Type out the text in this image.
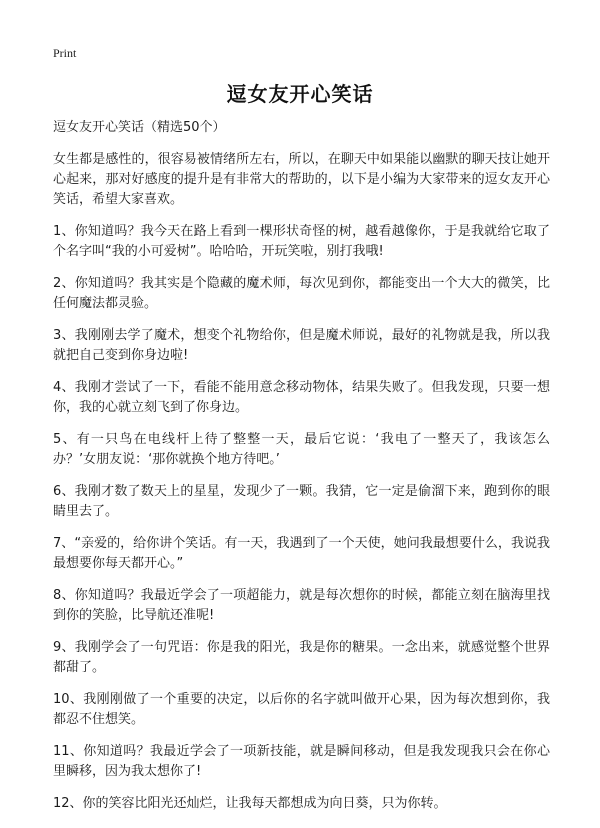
Print
逗女友开心笑话
逗女友开心笑话（精选50个）
女生都是感性的，很容易被情绪所左右，所以，在聊天中如果能以幽默的聊天技让她开心起来，那对好感度的提升是有非常大的帮助的，以下是小编为大家带来的逗女友开心笑话，希望大家喜欢。
1、你知道吗？我今天在路上看到一棵形状奇怪的树，越看越像你，于是我就给它取了个名字叫“我的小可爱树”。哈哈哈，开玩笑啦，别打我哦!
2、你知道吗？我其实是个隐藏的魔术师，每次见到你，都能变出一个大大的微笑，比任何魔法都灵验。
3、我刚刚去学了魔术，想变个礼物给你，但是魔术师说，最好的礼物就是我，所以我就把自己变到你身边啦!
4、我刚才尝试了一下，看能不能用意念移动物体，结果失败了。但我发现，只要一想你，我的心就立刻飞到了你身边。
5、有一只鸟在电线杆上待了整整一天，最后它说：‘我电了一整天了，我该怎么办？’女朋友说：‘那你就换个地方待吧。’
6、我刚才数了数天上的星星，发现少了一颗。我猜，它一定是偷溜下来，跑到你的眼睛里去了。
7、“亲爱的，给你讲个笑话。有一天，我遇到了一个天使，她问我最想要什么，我说我最想要你每天都开心。”
8、你知道吗？我最近学会了一项超能力，就是每次想你的时候，都能立刻在脑海里找到你的笑脸，比导航还准呢!
9、我刚学会了一句咒语：你是我的阳光，我是你的糖果。一念出来，就感觉整个世界都甜了。
10、我刚刚做了一个重要的决定，以后你的名字就叫做开心果，因为每次想到你，我都忍不住想笑。
11、你知道吗？我最近学会了一项新技能，就是瞬间移动，但是我发现我只会在你心里瞬移，因为我太想你了!
12、你的笑容比阳光还灿烂，让我每天都想成为向日葵，只为你转。
